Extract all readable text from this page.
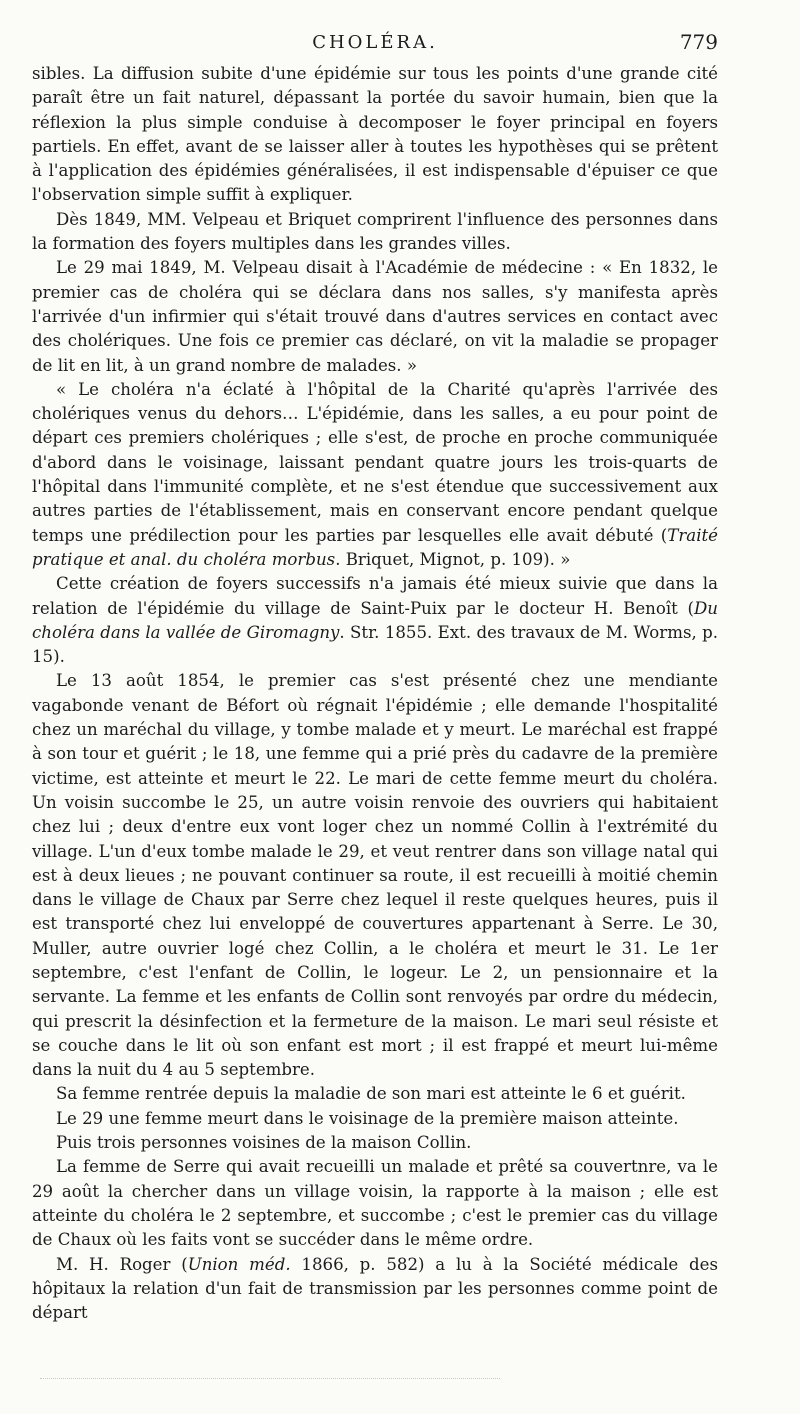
CHOLÉRA.	779

sibles. La diffusion subite d'une épidémie sur tous les points d'une grande cité paraît être un fait naturel, dépassant la portée du savoir humain, bien que la réflexion la plus simple conduise à decomposer le foyer principal en foyers partiels. En effet, avant de se laisser aller à toutes les hypothèses qui se prêtent à l'application des épidémies généralisées, il est indispensable d'épuiser ce que l'observation simple suffit à expliquer.

Dès 1849, MM. Velpeau et Briquet comprirent l'influence des personnes dans la formation des foyers multiples dans les grandes villes.

Le 29 mai 1849, M. Velpeau disait à l'Académie de médecine : « En 1832, le premier cas de choléra qui se déclara dans nos salles, s'y manifesta après l'arrivée d'un infirmier qui s'était trouvé dans d'autres services en contact avec des cholériques. Une fois ce premier cas déclaré, on vit la maladie se propager de lit en lit, à un grand nombre de malades. »

« Le choléra n'a éclaté à l'hôpital de la Charité qu'après l'arrivée des cholériques venus du dehors… L'épidémie, dans les salles, a eu pour point de départ ces premiers cholériques ; elle s'est, de proche en proche communiquée d'abord dans le voisinage, laissant pendant quatre jours les trois-quarts de l'hôpital dans l'immunité complète, et ne s'est étendue que successivement aux autres parties de l'établissement, mais en conservant encore pendant quelque temps une prédilection pour les parties par lesquelles elle avait débuté (Traité pratique et anal. du choléra morbus. Briquet, Mignot, p. 109). »

Cette création de foyers successifs n'a jamais été mieux suivie que dans la relation de l'épidémie du village de Saint-Puix par le docteur H. Benoît (Du choléra dans la vallée de Giromagny. Str. 1855. Ext. des travaux de M. Worms, p. 15).

Le 13 août 1854, le premier cas s'est présenté chez une mendiante vagabonde venant de Béfort où régnait l'épidémie ; elle demande l'hospitalité chez un maréchal du village, y tombe malade et y meurt. Le maréchal est frappé à son tour et guérit ; le 18, une femme qui a prié près du cadavre de la première victime, est atteinte et meurt le 22. Le mari de cette femme meurt du choléra. Un voisin succombe le 25, un autre voisin renvoie des ouvriers qui habitaient chez lui ; deux d'entre eux vont loger chez un nommé Collin à l'extrémité du village. L'un d'eux tombe malade le 29, et veut rentrer dans son village natal qui est à deux lieues ; ne pouvant continuer sa route, il est recueilli à moitié chemin dans le village de Chaux par Serre chez lequel il reste quelques heures, puis il est transporté chez lui enveloppé de couvertures appartenant à Serre. Le 30, Muller, autre ouvrier logé chez Collin, a le choléra et meurt le 31. Le 1er septembre, c'est l'enfant de Collin, le logeur. Le 2, un pensionnaire et la servante. La femme et les enfants de Collin sont renvoyés par ordre du médecin, qui prescrit la désinfection et la fermeture de la maison. Le mari seul résiste et se couche dans le lit où son enfant est mort ; il est frappé et meurt lui-même dans la nuit du 4 au 5 septembre.

Sa femme rentrée depuis la maladie de son mari est atteinte le 6 et guérit.

Le 29 une femme meurt dans le voisinage de la première maison atteinte.

Puis trois personnes voisines de la maison Collin.

La femme de Serre qui avait recueilli un malade et prêté sa couvertnre, va le 29 août la chercher dans un village voisin, la rapporte à la maison ; elle est atteinte du choléra le 2 septembre, et succombe ; c'est le premier cas du village de Chaux où les faits vont se succéder dans le même ordre.

M. H. Roger (Union méd. 1866, p. 582) a lu à la Société médicale des hôpitaux la relation d'un fait de transmission par les personnes comme point de départ
